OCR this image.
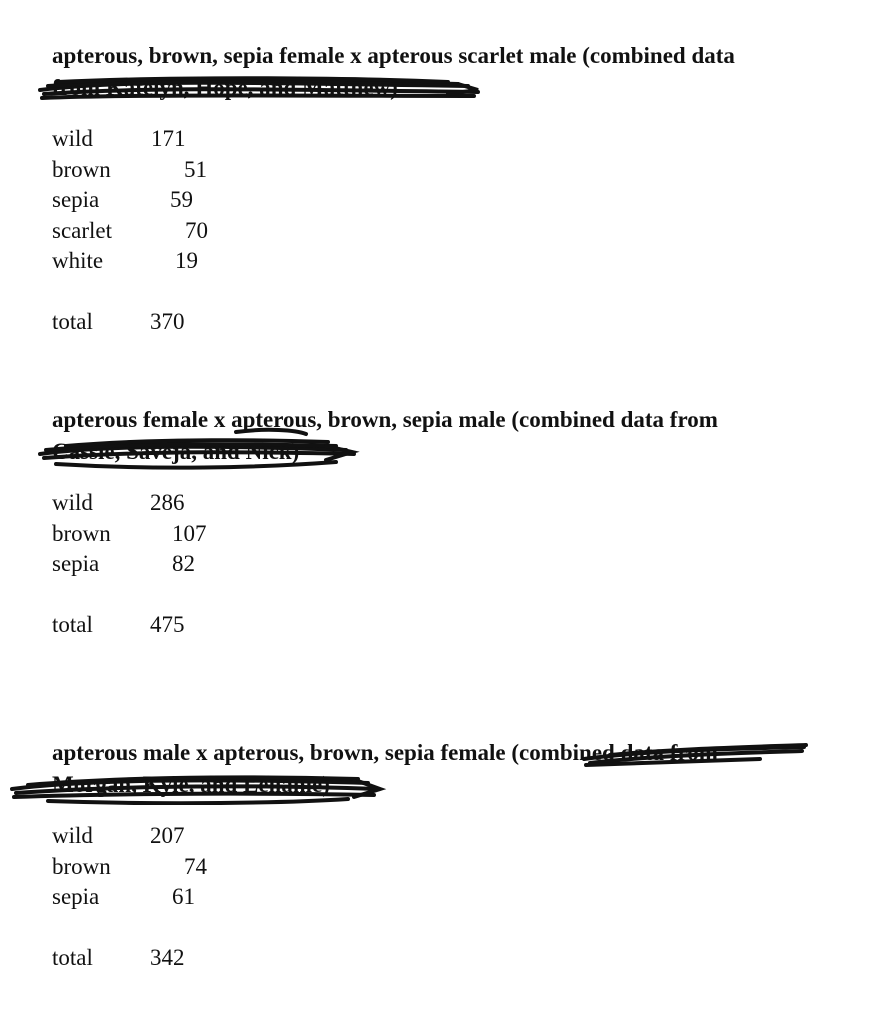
apterous, brown, sepia female x apterous scarlet male (combined data
from Katelyn, Hope, and Matthew)

wild	171
brown	51
sepia	59
scarlet	70
white	19
total 370

apterous female x apterous, brown, sepia male (combined data from
Cassie, Saveja, and Nick)

wild 286
brown	107
sepia	82
total 475

apterous male x apterous, brown, sepia female (combined data from
Morgan, Kyle, and Leilanie)

wild 207
brown	74
sepia	61
total 342
